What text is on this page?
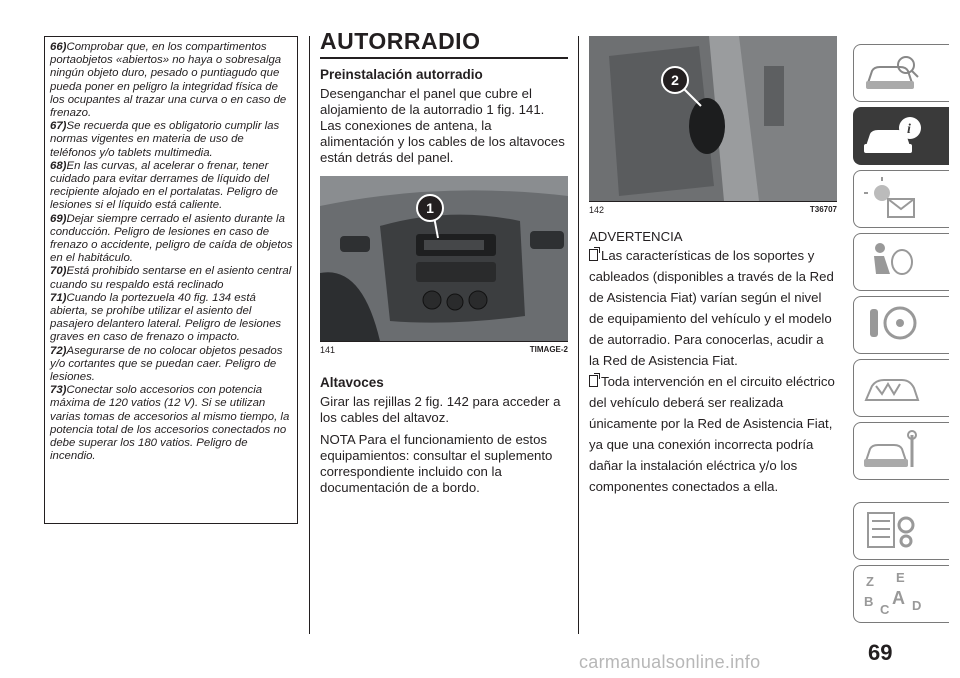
66)Comprobar que, en los compartimentos portaobjetos «abiertos» no haya o sobresalga ningún objeto duro, pesado o puntiagudo que pueda poner en peligro la integridad física de los ocupantes al trazar una curva o en caso de frenazo.

67)Se recuerda que es obligatorio cumplir las normas vigentes en materia de uso de teléfonos y/o tablets multimedia.

68)En las curvas, al acelerar o frenar, tener cuidado para evitar derrames de líquido del recipiente alojado en el portalatas. Peligro de lesiones si el líquido está caliente.

69)Dejar siempre cerrado el asiento durante la conducción. Peligro de lesiones en caso de frenazo o accidente, peligro de caída de objetos en el habitáculo.

70)Está prohibido sentarse en el asiento central cuando su respaldo está reclinado

71)Cuando la portezuela 40 fig. 134 está abierta, se prohíbe utilizar el asiento del pasajero delantero lateral. Peligro de lesiones graves en caso de frenazo o impacto.

72)Asegurarse de no colocar objetos pesados y/o cortantes que se puedan caer. Peligro de lesiones.

73)Conectar solo accesorios con potencia máxima de 120 vatios (12 V). Si se utilizan varias tomas de accesorios al mismo tiempo, la potencia total de los accesorios conectados no debe superar los 180 vatios. Peligro de incendio.

AUTORRADIO
Preinstalación autorradio

Desenganchar el panel que cubre el alojamiento de la autorradio 1 fig. 141. Las conexiones de antena, la alimentación y los cables de los altavoces están detrás del panel.

1
141	TIMAGE-2
Altavoces

Girar las rejillas 2 fig. 142 para acceder a los cables del altavoz.

NOTA Para el funcionamiento de estos equipamientos: consultar el suplemento correspondiente incluido con la documentación de a bordo.

2
142	T36707

ADVERTENCIA

Las características de los soportes y cableados (disponibles a través de la Red de Asistencia Fiat) varían según el nivel de equipamiento del vehículo y el modelo de autorradio. Para conocerlas, acudir a la Red de Asistencia Fiat.

Toda intervención en el circuito eléctrico del vehículo deberá ser realizada únicamente por la Red de Asistencia Fiat, ya que una conexión incorrecta podría dañar la instalación eléctrica y/o los componentes conectados a ella.

i
Z E
B
C
A D
69
carmanualsonline.info
